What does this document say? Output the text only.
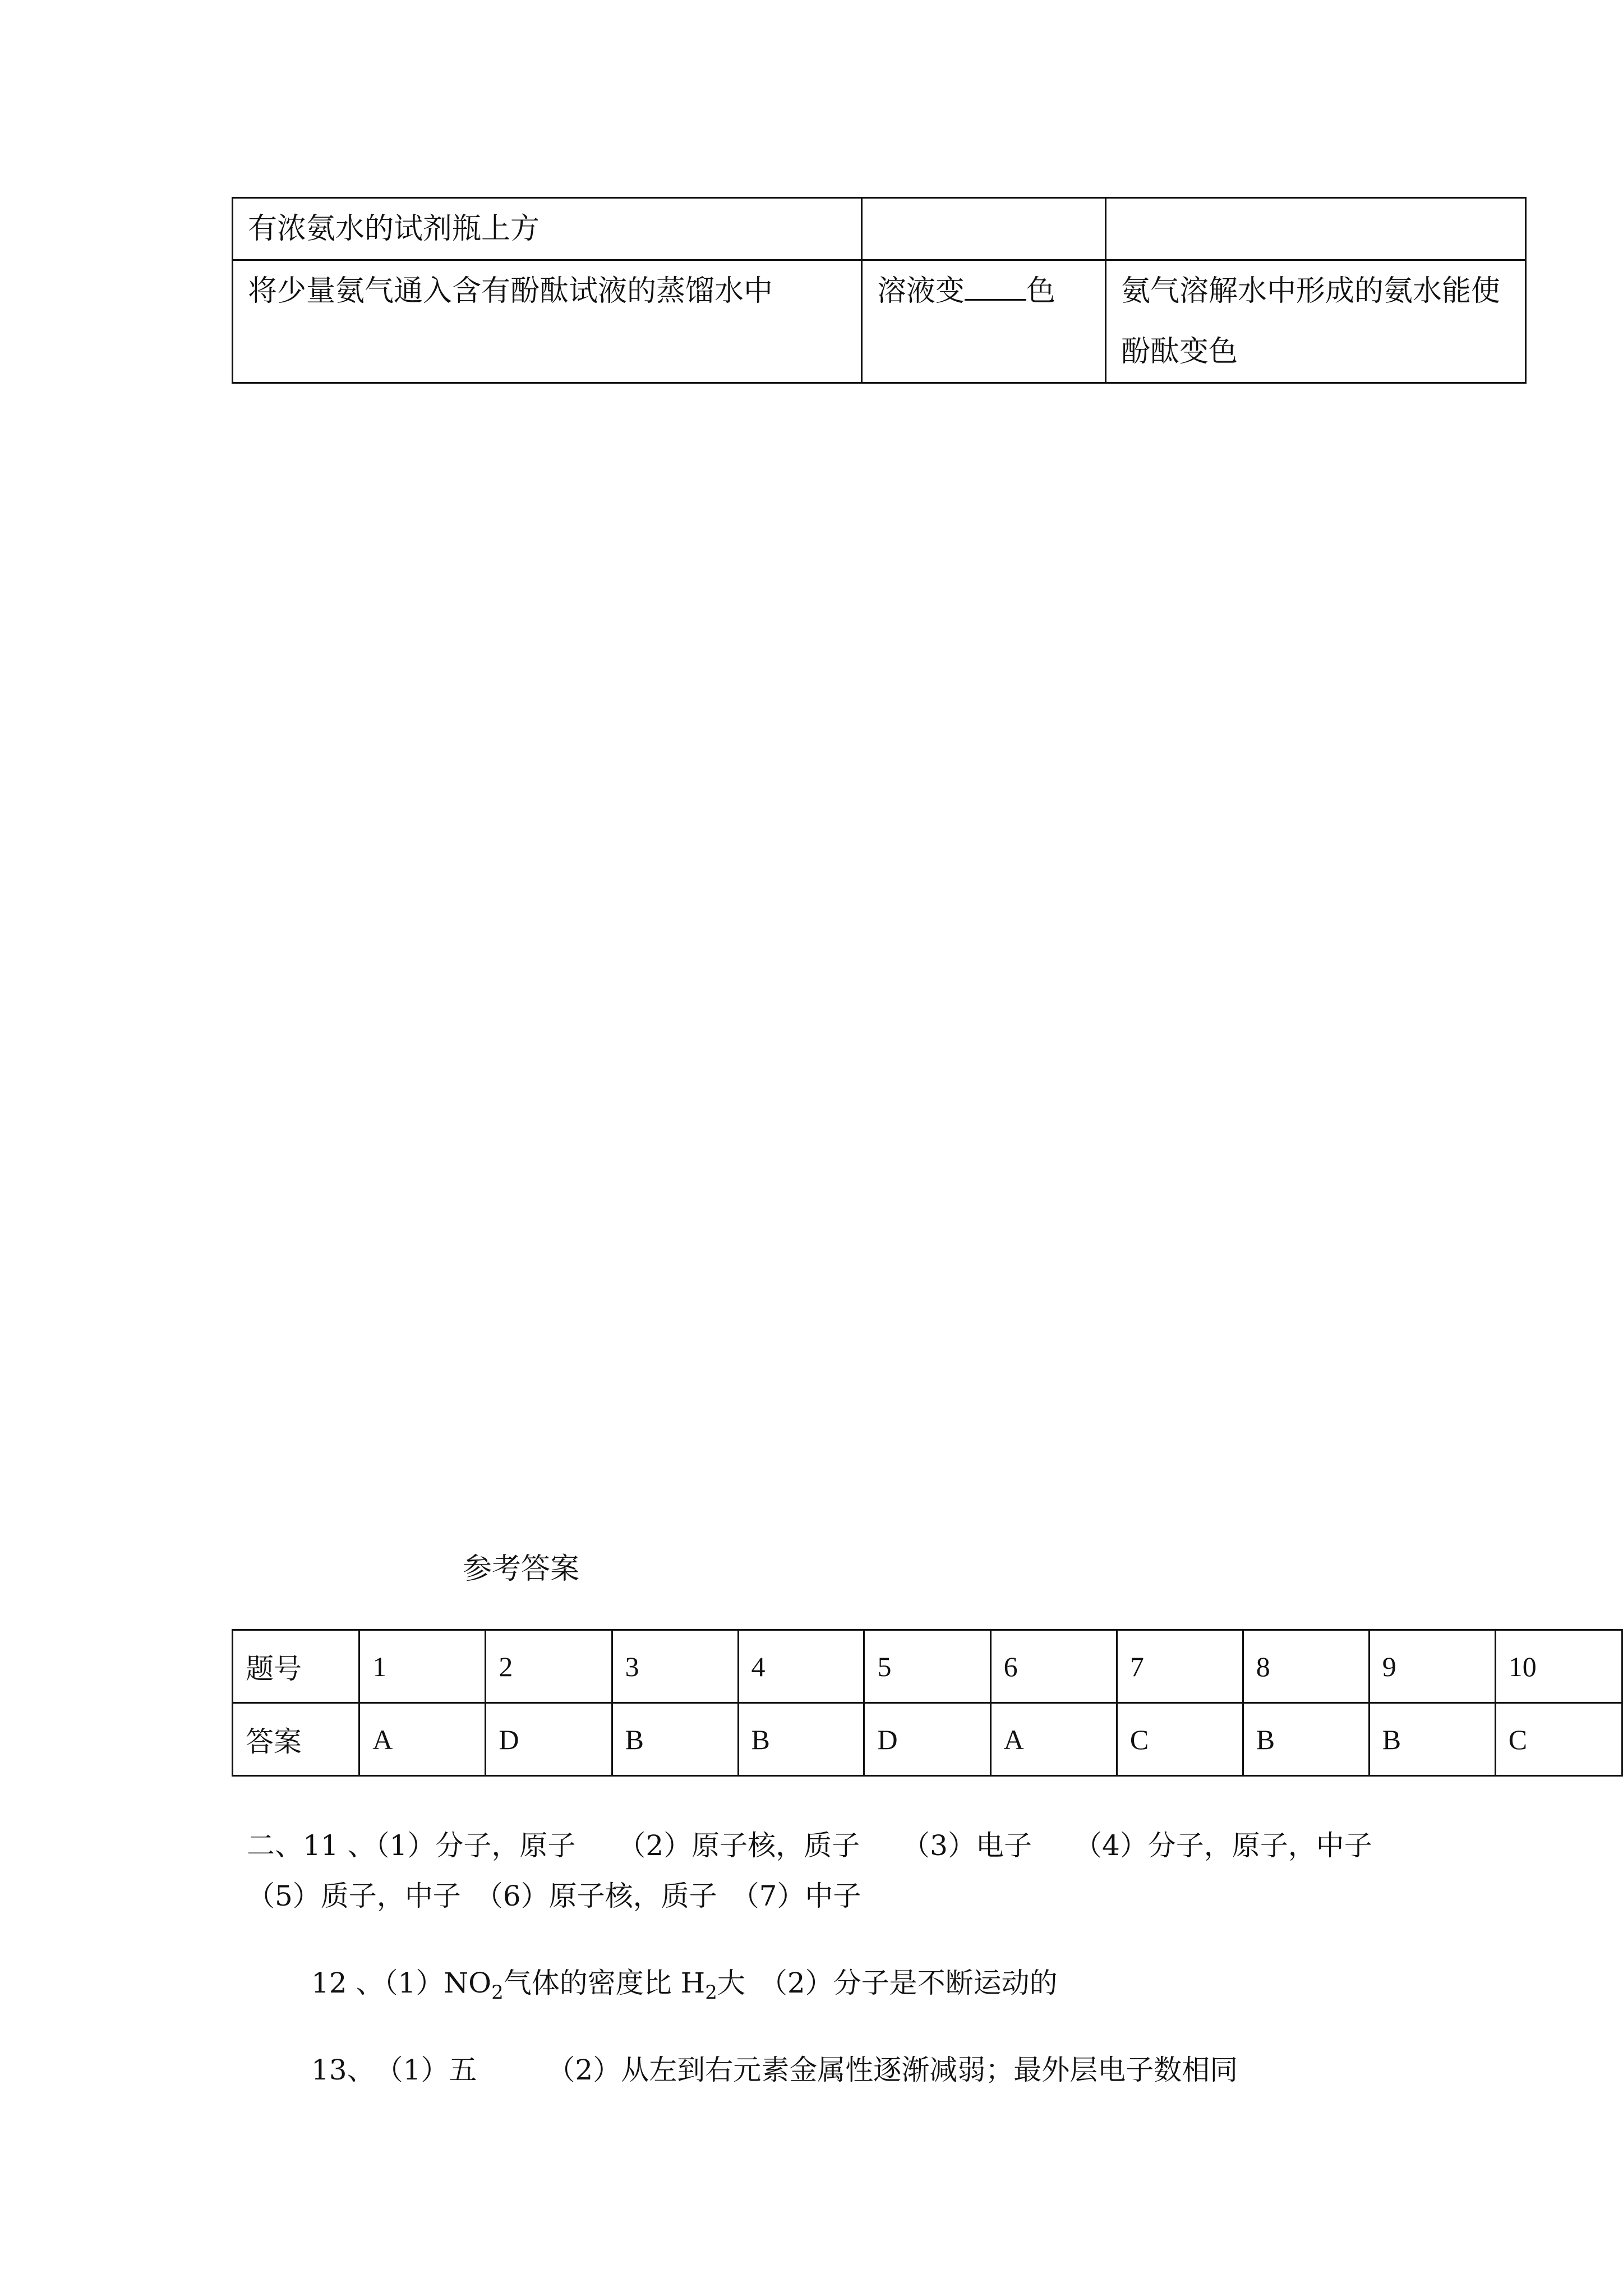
有浓氨水的试剂瓶上方		
将少量氨气通入含有酚酞试液的蒸馏水中	溶液变 色	氨气溶解水中形成的氨水能使酚酞变色
参考答案
题号	1	2	3	4	5	6	7	8	9	10
答案	A	D	B	B	D	A	C	B	B	C
二、11 、（1）分子，原子　　（2）原子核，质子　　（3）电子　　（4）分子，原子，中子
（5）质子，中子　（6）原子核，质子　（7）中子
12 、$(1)NO_2$气体的密度比 $H_2$大　（2）分子是不断运动的
13、　（1）五　　　（2）从左到右元素金属性逐渐减弱；最外层电子数相同
